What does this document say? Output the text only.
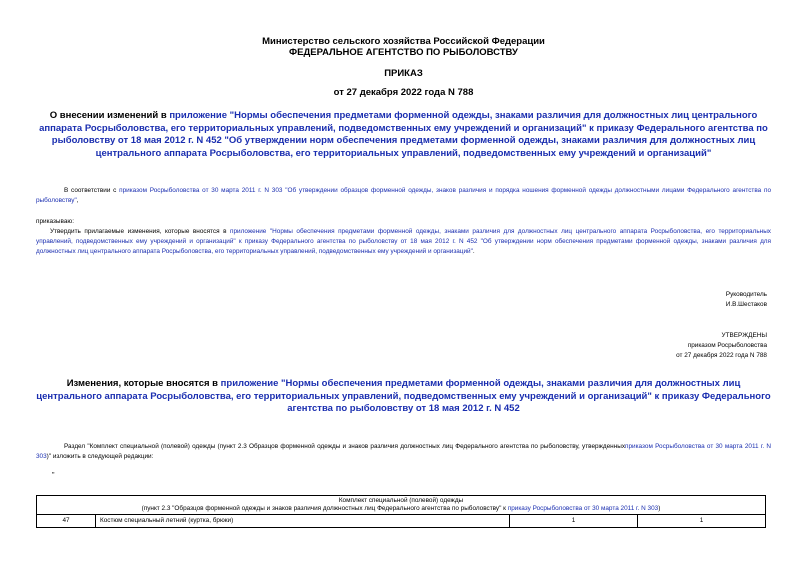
Министерство сельского хозяйства Российской Федерации
ФЕДЕРАЛЬНОЕ АГЕНТСТВО ПО РЫБОЛОВСТВУ
ПРИКАЗ
от 27 декабря 2022 года N 788
О внесении изменений в приложение "Нормы обеспечения предметами форменной одежды, знаками различия для должностных лиц центрального аппарата Росрыболовства, его территориальных управлений, подведомственных ему учреждений и организаций" к приказу Федерального агентства по рыболовству от 18 мая 2012 г. N 452 "Об утверждении норм обеспечения предметами форменной одежды, знаками различия для должностных лиц центрального аппарата Росрыболовства, его территориальных управлений, подведомственных ему учреждений и организаций"
В соответствии с приказом Росрыболовства от 30 марта 2011 г. N 303 "Об утверждении образцов форменной одежды, знаков различия и порядка ношения форменной одежды должностными лицами Федерального агентства по рыболовству",
приказываю:
Утвердить прилагаемые изменения, которые вносятся в приложение "Нормы обеспечения предметами форменной одежды, знаками различия для должностных лиц центрального аппарата Росрыболовства, его территориальных управлений, подведомственных ему учреждений и организаций" к приказу Федерального агентства по рыболовству от 18 мая 2012 г. N 452 "Об утверждении норм обеспечения предметами форменной одежды, знаками различия для должностных лиц центрального аппарата Росрыболовства, его территориальных управлений, подведомственных ему учреждений и организаций".
Руководитель
И.В.Шестаков
УТВЕРЖДЕНЫ
приказом Росрыболовства
от 27 декабря 2022 года N 788
Изменения, которые вносятся в приложение "Нормы обеспечения предметами форменной одежды, знаками различия для должностных лиц центрального аппарата Росрыболовства, его территориальных управлений, подведомственных ему учреждений и организаций" к приказу Федерального агентства по рыболовству от 18 мая 2012 г. N 452
Раздел "Комплект специальной (полевой) одежды (пункт 2.3 Образцов форменной одежды и знаков различия должностных лиц Федерального агентства по рыболовству, утвержденныхприказом Росрыболовства от 30 марта 2011 г. N 303)" изложить в следующей редакции:
"
Комплект специальной (полевой) одежды
(пункт 2.3 "Образцов форменной одежды и знаков различия должностных лиц Федерального агентства по рыболовству" к приказу Росрыболовства от 30 марта 2011 г. N 303)

47	Костюм специальный летний (куртка, брюки)	1	1
